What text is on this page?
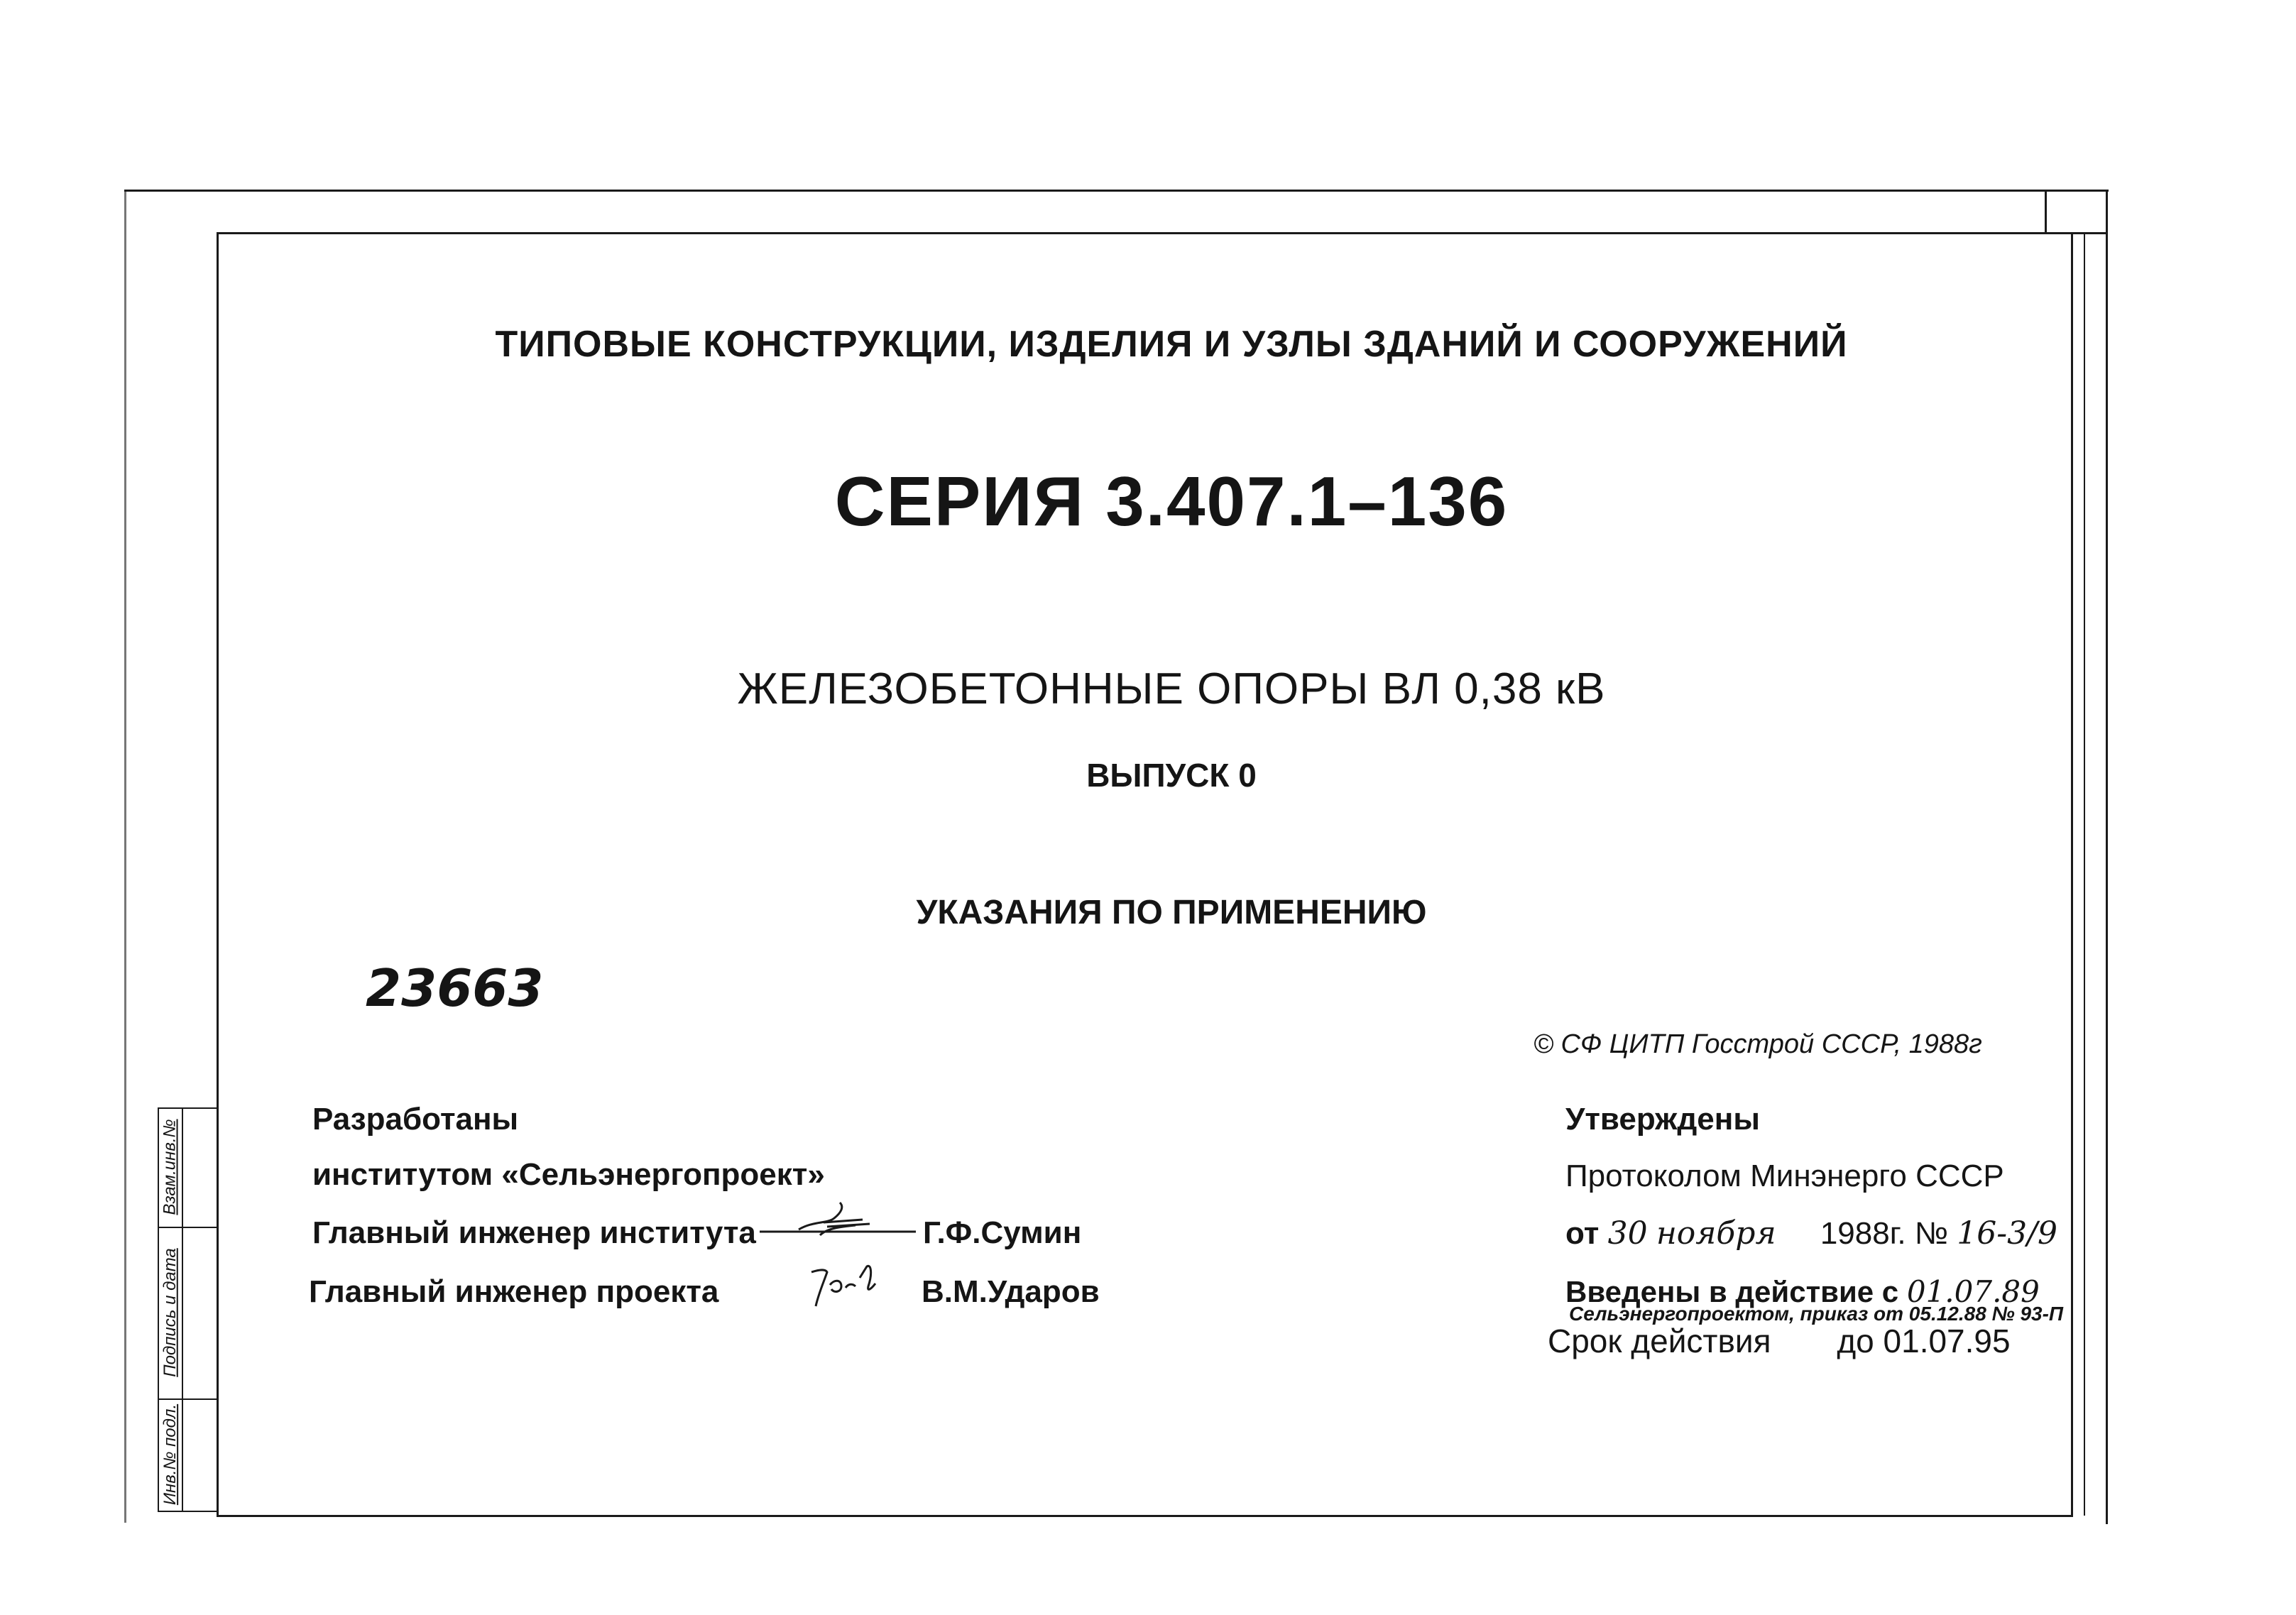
Взам.инв.№
Подпись и дата
Инв.№ подл.
ТИПОВЫЕ КОНСТРУКЦИИ, ИЗДЕЛИЯ И УЗЛЫ ЗДАНИЙ И СООРУЖЕНИЙ
СЕРИЯ 3.407.1–136
ЖЕЛЕЗОБЕТОННЫЕ ОПОРЫ ВЛ 0,38 кВ
ВЫПУСК 0
УКАЗАНИЯ ПО ПРИМЕНЕНИЮ
23663
© СФ ЦИТП Госстрой СССР, 1988г
Разработаны
институтом «Сельэнергопроект»
Главный инженер института	Г.Ф.Сумин
Главный инженер проекта	В.М.Ударов
Утверждены
Протоколом Минэнерго СССР
от 30 ноября 1988г. № 16-3/9
Введены в действие с 01.07.89
Сельэнергопроектом, приказ от 05.12.88 № 93-П
Срок действия до 01.07.95
